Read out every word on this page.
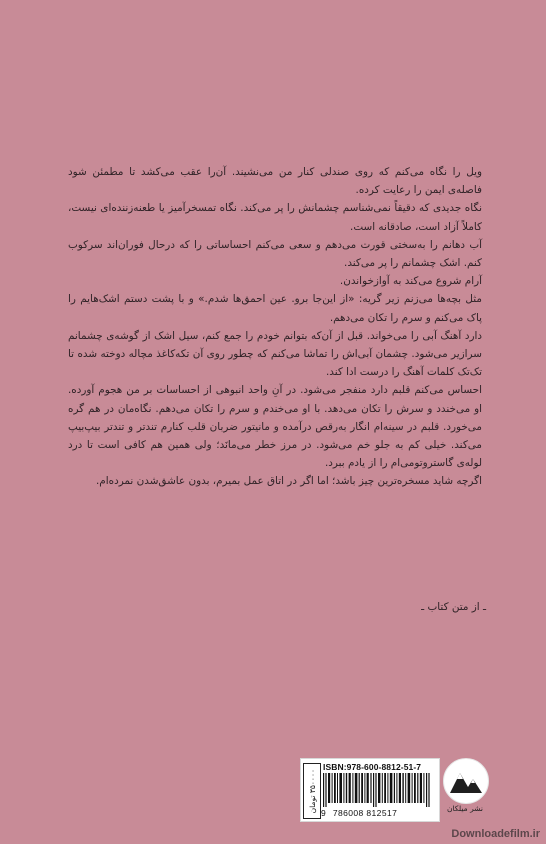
ویل را نگاه می‌کنم که روی صندلی کنار من می‌نشیند. آن‌را عقب می‌کشد تا مطمئن شود فاصله‌ی ایمن را رعایت کرده.

نگاه جدیدی که دقیقاً نمی‌شناسم چشمانش را پر می‌کند. نگاه تمسخرآمیز یا طعنه‌زننده‌ای نیست، کاملاً آزاد است، صادقانه است.

آب دهانم را به‌سختی قورت می‌دهم و سعی می‌کنم احساساتی را که درحال فوران‌اند سرکوب کنم. اشک چشمانم را پر می‌کند.

آرام شروع می‌کند به آوازخواندن.

مثل بچه‌ها می‌زنم زیر گریه: «از این‌جا برو. عین احمق‌ها شدم.» و با پشت دستم اشک‌هایم را پاک می‌کنم و سرم را تکان می‌دهم.

دارد آهنگ آبی را می‌خواند. قبل از آن‌که بتوانم خودم را جمع کنم، سیل اشک از گوشه‌ی چشمانم سرازیر می‌شود. چشمان آبی‌اش را تماشا می‌کنم که چطور روی آن تکه‌کاغذ مچاله دوخته شده تا تک‌تک کلمات آهنگ را درست ادا کند.

احساس می‌کنم قلبم دارد منفجر می‌شود. در آنِ واحد انبوهی از احساسات بر من هجوم آورده. او می‌خندد و سرش را تکان می‌دهد. با او می‌خندم و سرم را تکان می‌دهم. نگاه‌مان در هم گره می‌خورد. قلبم در سینه‌ام انگار به‌رقص درآمده و مانیتور ضربان قلب کنارم تندتر و تندتر بیپ‌بیپ می‌کند. خیلی کم به جلو خم می‌شود. در مرز خطر می‌مانَد؛ ولی همین هم کافی است تا درد لوله‌ی گاستروتومی‌ام را از یادم ببرد.

اگرچه شاید مسخره‌ترین چیز باشد؛ اما اگر در اتاق عمل بمیرم، بدون عاشق‌شدن نمرده‌ام.

ـ از متن کتاب ـ
۳۵۰۰۰۰ تومان
ISBN:978-600-8812-51-7
9 786008 812517	نشر میلکان
Downloadefilm.ir
